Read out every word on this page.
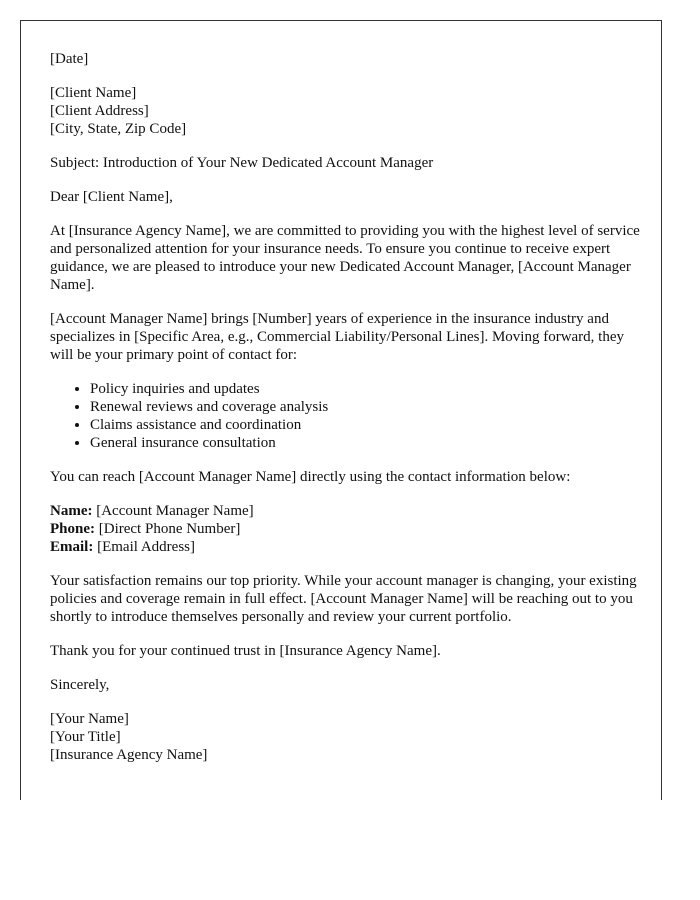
[Date]

[Client Name]
[Client Address]
[City, State, Zip Code]

Subject: Introduction of Your New Dedicated Account Manager

Dear [Client Name],

At [Insurance Agency Name], we are committed to providing you with the highest level of service and personalized attention for your insurance needs. To ensure you continue to receive expert guidance, we are pleased to introduce your new Dedicated Account Manager, [Account Manager Name].

[Account Manager Name] brings [Number] years of experience in the insurance industry and specializes in [Specific Area, e.g., Commercial Liability/Personal Lines]. Moving forward, they will be your primary point of contact for:

• Policy inquiries and updates
• Renewal reviews and coverage analysis
• Claims assistance and coordination
• General insurance consultation

You can reach [Account Manager Name] directly using the contact information below:

Name: [Account Manager Name]
Phone: [Direct Phone Number]
Email: [Email Address]

Your satisfaction remains our top priority. While your account manager is changing, your existing policies and coverage remain in full effect. [Account Manager Name] will be reaching out to you shortly to introduce themselves personally and review your current portfolio.

Thank you for your continued trust in [Insurance Agency Name].

Sincerely,

[Your Name]
[Your Title]
[Insurance Agency Name]
